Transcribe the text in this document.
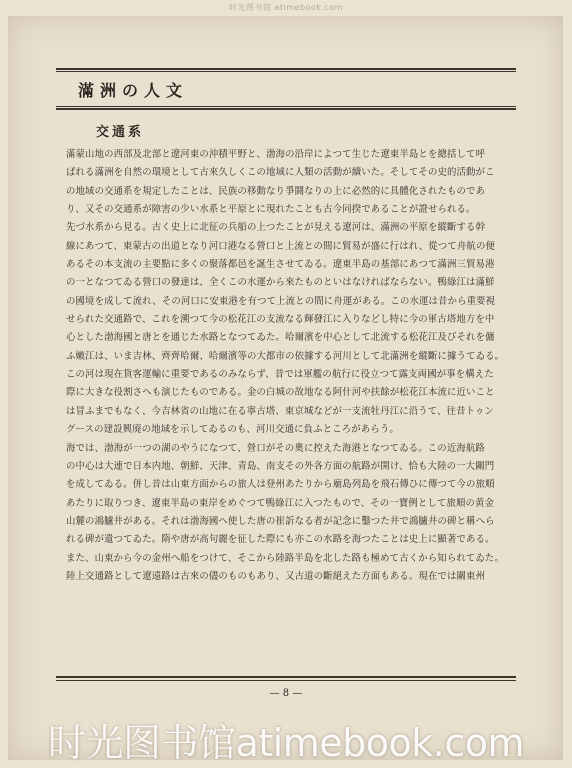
时光图书馆 atimebook.com
滿洲の人文
交通系
滿蒙山地の西部及北部と遼河東の沖積平野と、渤海の沿岸によつて生じた遼東半島とを總括して呼
ばれる滿洲を自然の環境として古來久しくこの地域に人類の活動が續いた。そしてその史的活動がこ
の地域の交通系を規定したことは、民族の移動なり爭鬪なりの上に必然的に具體化されたものであ
り、又その交通系が障害の少い水系と平原とに現れたことも古今同揆であることが證せられる。
先づ水系から見る。古く史上に北征の兵船の上つたことが見える遼河は、滿洲の平原を縱斷する幹
線にあつて、東蒙古の出道となり河口港なる營口と上流との間に貿易が盛に行はれ、從つて舟航の便
あるその本支流の主要點に多くの聚落都邑を誕生させてゐる。遼東半島の基部にあつて滿洲三貿易港
の一となつてゐる營口の發達は、全くこの水運から來たものといはなければならない。鴨綠江は滿鮮
の國境を成して流れ、その河口に安東港を有つて上流との間に舟運がある。この水運は昔から重要視
せられた交通路で、これを溯つて今の松花江の支流なる輝發江に入りなどし特に今の軍古塔地方を中
心とした渤海國と唐とを通じた水路となつてゐた。哈爾濱を中心として北流する松花江及びそれを傭
ふ嫩江は、いま吉林、齊齊哈爾、哈爾濱等の大都市の依據する河川として北滿洲を縱斷に據うてゐる。
この河は現在貨客運輸に重要であるのみならず、昔では軍艦の航行に役立つて露支両國が事を構えた
際に大きな役割さへも演じたものである。金の白城の故地なる阿什河や扶餘が松花江本流に近いこと
は冒ふまでもなく、今吉林省の山地に在る寧古塔、東京城などが一支流牡丹江に沿うて、往昔トゥン
グースの建設興廃の地域を示してゐるのも、河川交通に負ふところがあらう。
海では、渤海が一つの湖のやうになつて、營口がその奧に控えた海港となつてゐる。この近海航路
の中心は大連で日本内地、朝鮮、天津、青島、南支その外各方面の航路が開け、恰も大陸の一大關門
を成してゐる。併し昔は山東方面からの旅人は登州あたりから廟島列島を飛石傳ひに傳つて今の旅順
あたりに取りつき、遼東半島の東岸をめぐつて鴨綠江に入つたもので、その一寶例として旅順の黄金
山麓の鴻臚井がある。それは渤海國へ使した唐の崔訢なる者が記念に鑿つた井で鴻臚井の碑と稱へら
れる碑が遺つてゐた。隋や唐が高句麗を征した際にも亦この水路を海つたことは史上に顯著である。
また、山東から今の金州へ船をつけて、そこから陸路半島を北した路も極めて古くから知られてゐた。
陸上交通路として遼遠路は古來の儘のものもあり、又古道の斷絕えた方面もある。現在では關東州
— 8 —
时光图书馆atimebook.com
